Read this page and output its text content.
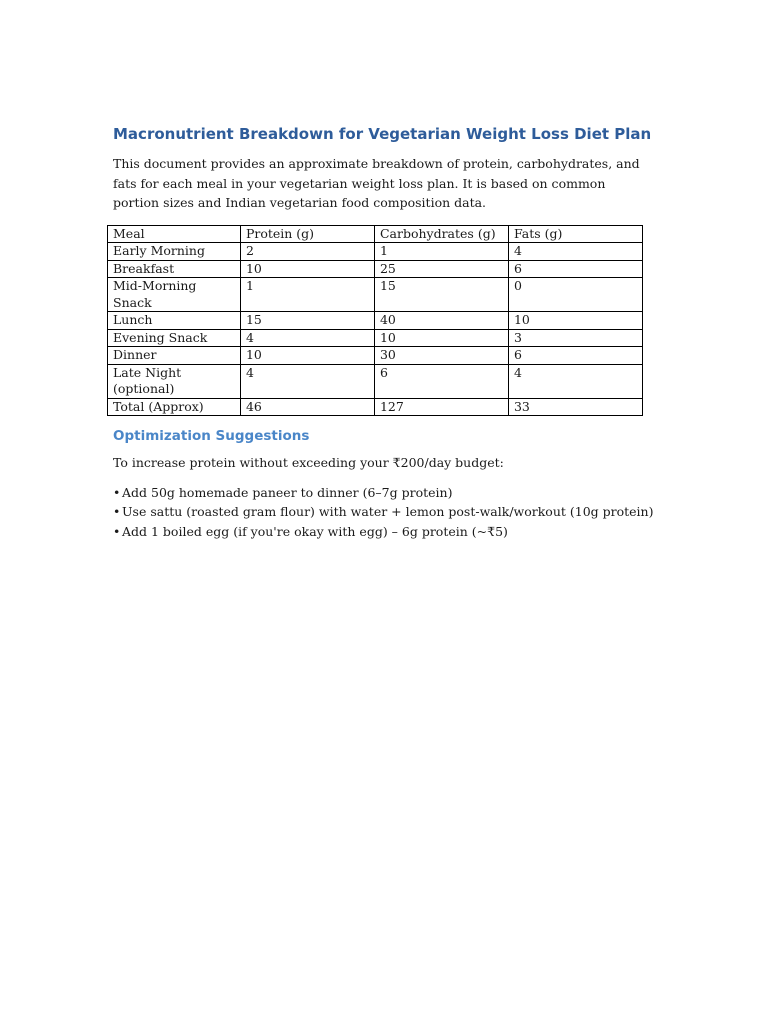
Macronutrient Breakdown for Vegetarian Weight Loss Diet Plan

This document provides an approximate breakdown of protein, carbohydrates, and fats for each meal in your vegetarian weight loss plan. It is based on common portion sizes and Indian vegetarian food composition data.

Meal	Protein (g)	Carbohydrates (g)	Fats (g)
Early Morning	2	1	4
Breakfast	10	25	6
Mid-Morning Snack	1	15	0
Lunch	15	40	10
Evening Snack	4	10	3
Dinner	10	30	6
Late Night (optional)	4	6	4
Total (Approx)	46	127	33
Optimization Suggestions

To increase protein without exceeding your ₹200/day budget:

• Add 50g homemade paneer to dinner (6–7g protein)
• Use sattu (roasted gram flour) with water + lemon post-walk/workout (10g protein)
• Add 1 boiled egg (if you're okay with egg) – 6g protein (~₹5)
